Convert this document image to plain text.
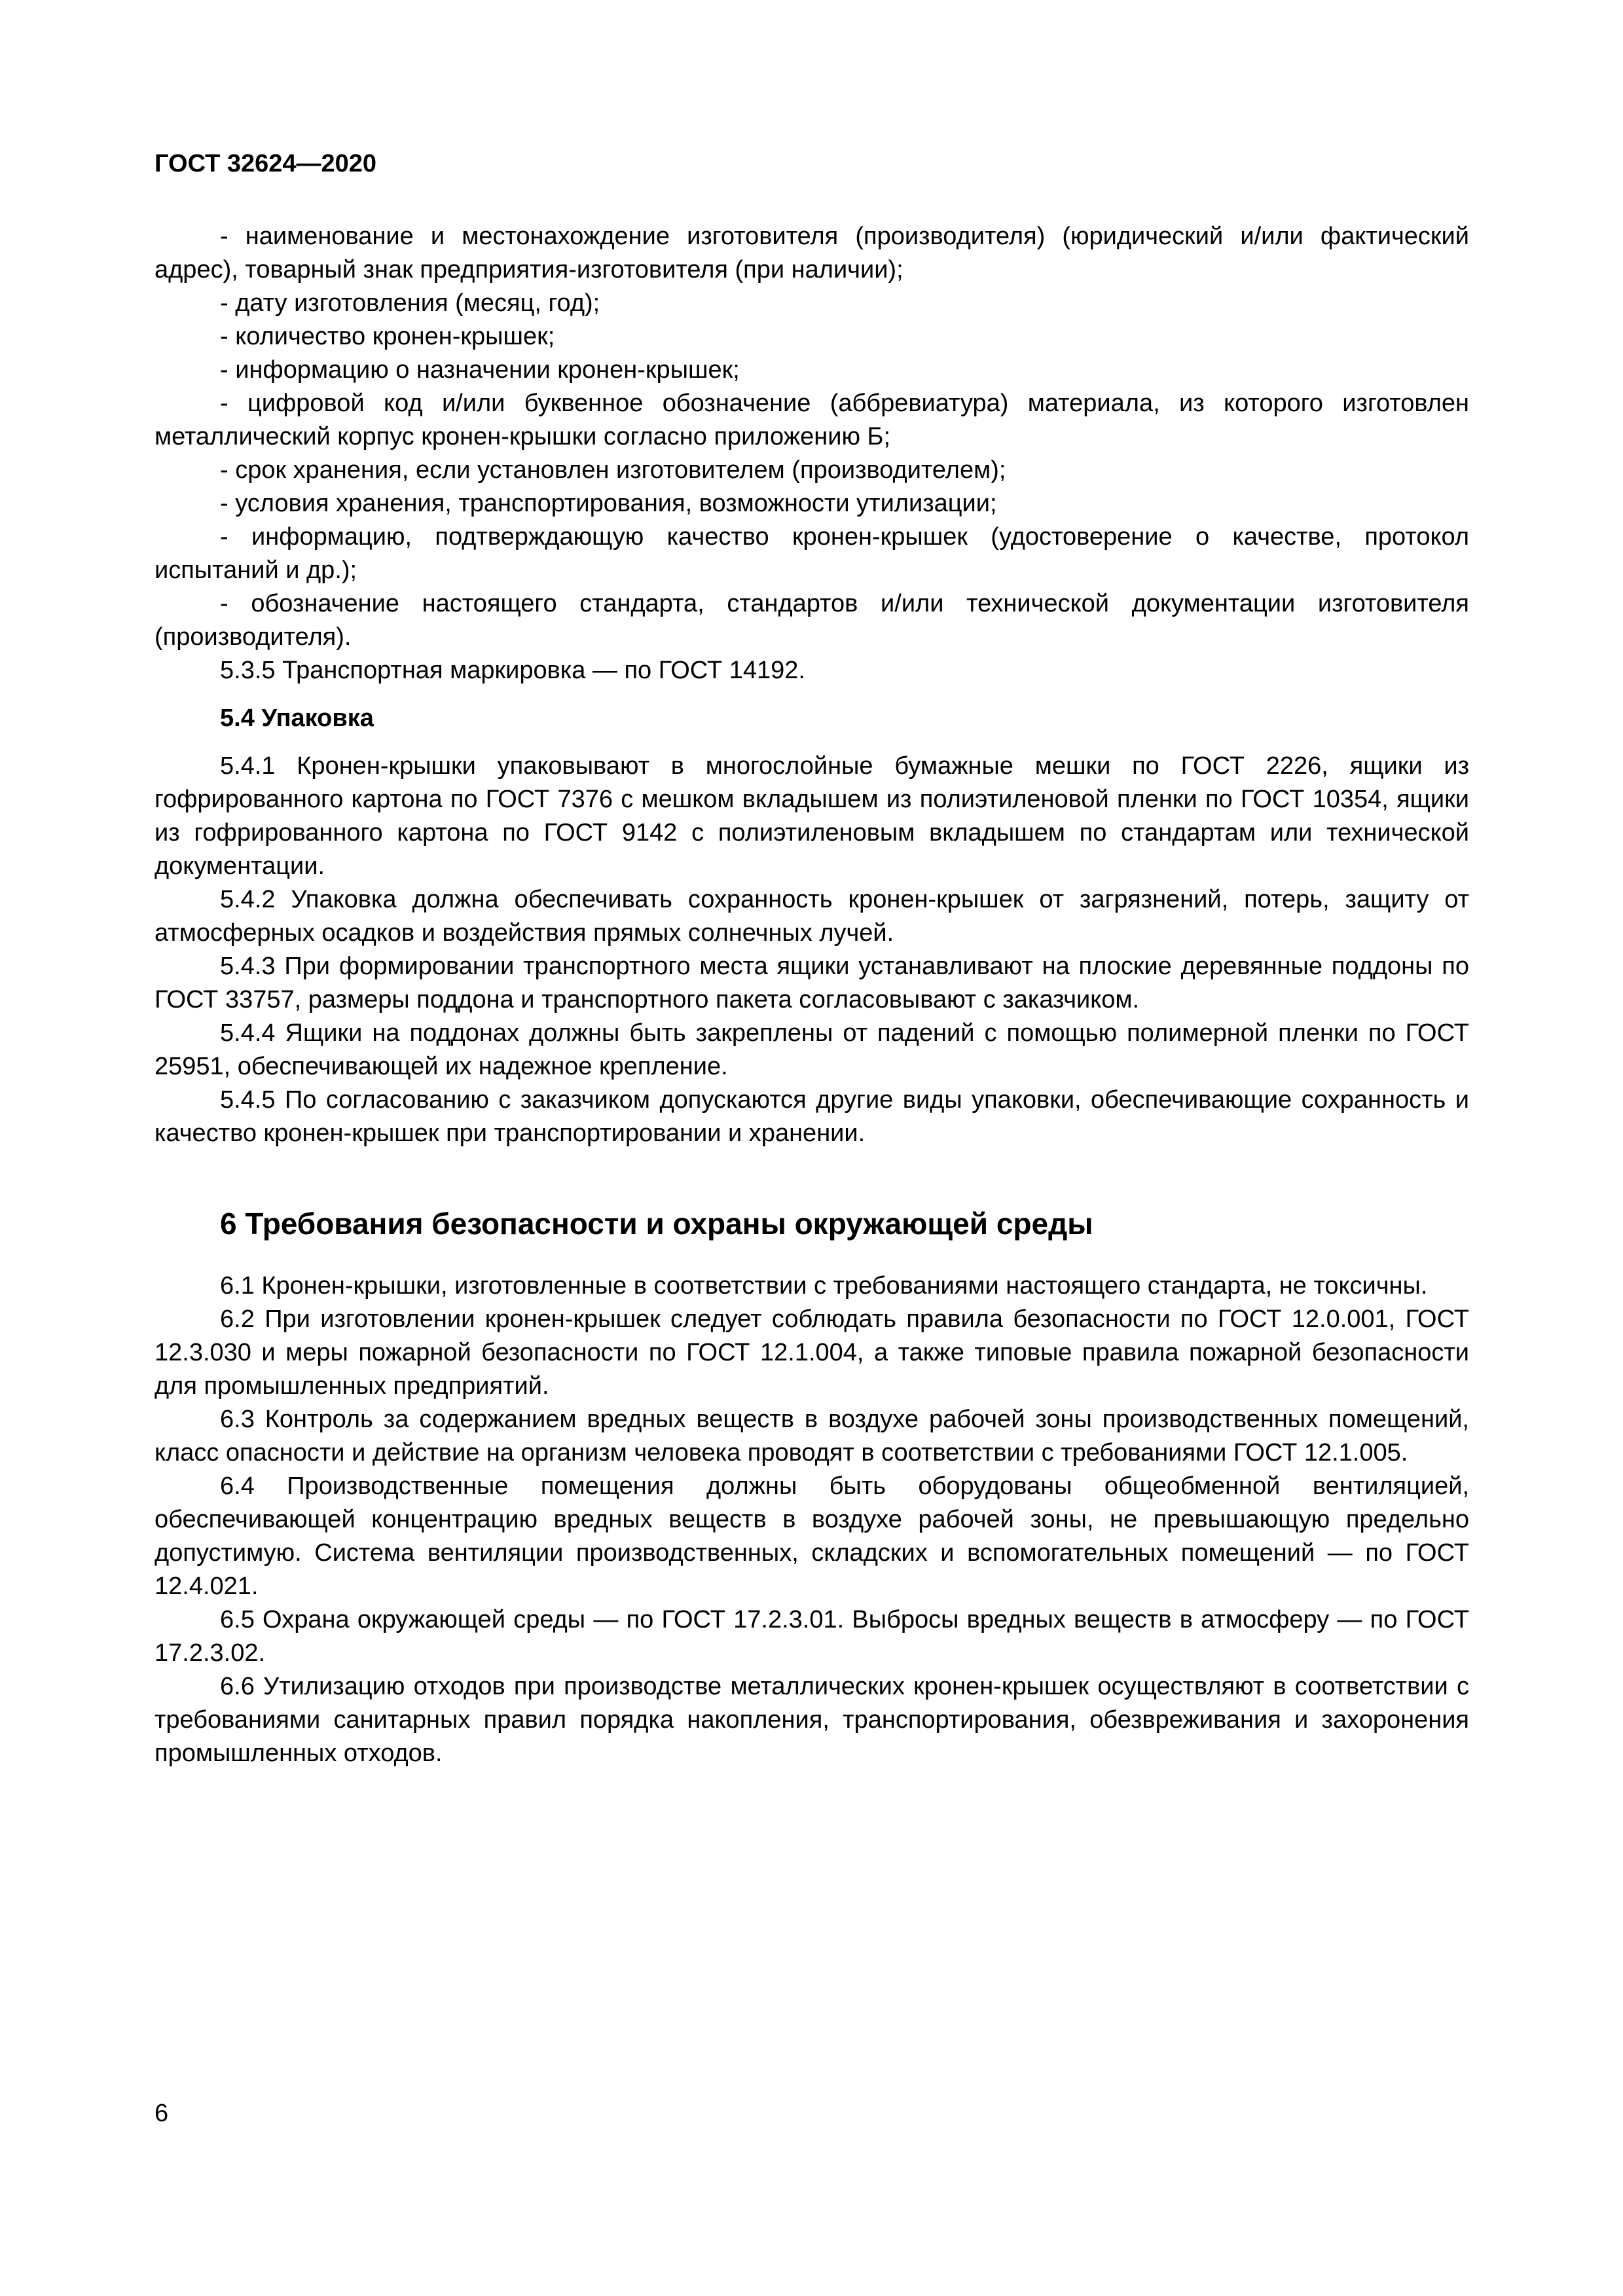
ГОСТ 32624—2020

- наименование и местонахождение изготовителя (производителя) (юридический и/или фактический адрес), товарный знак предприятия-изготовителя (при наличии);

- дату изготовления (месяц, год);

- количество кронен-крышек;

- информацию о назначении кронен-крышек;

- цифровой код и/или буквенное обозначение (аббревиатура) материала, из которого изготовлен металлический корпус кронен-крышки согласно приложению Б;

- срок хранения, если установлен изготовителем (производителем);

- условия хранения, транспортирования, возможности утилизации;

- информацию, подтверждающую качество кронен-крышек (удостоверение о качестве, протокол испытаний и др.);

- обозначение настоящего стандарта, стандартов и/или технической документации изготовителя (производителя).

5.3.5 Транспортная маркировка — по ГОСТ 14192.

5.4 Упаковка

5.4.1 Кронен-крышки упаковывают в многослойные бумажные мешки по ГОСТ 2226, ящики из гофрированного картона по ГОСТ 7376 с мешком вкладышем из полиэтиленовой пленки по ГОСТ 10354, ящики из гофрированного картона по ГОСТ 9142 с полиэтиленовым вкладышем по стандартам или технической документации.

5.4.2 Упаковка должна обеспечивать сохранность кронен-крышек от загрязнений, потерь, защиту от атмосферных осадков и воздействия прямых солнечных лучей.

5.4.3 При формировании транспортного места ящики устанавливают на плоские деревянные поддоны по ГОСТ 33757, размеры поддона и транспортного пакета согласовывают с заказчиком.

5.4.4 Ящики на поддонах должны быть закреплены от падений с помощью полимерной пленки по ГОСТ 25951, обеспечивающей их надежное крепление.

5.4.5 По согласованию с заказчиком допускаются другие виды упаковки, обеспечивающие сохранность и качество кронен-крышек при транспортировании и хранении.

6 Требования безопасности и охраны окружающей среды

6.1 Кронен-крышки, изготовленные в соответствии с требованиями настоящего стандарта, не токсичны.

6.2 При изготовлении кронен-крышек следует соблюдать правила безопасности по ГОСТ 12.0.001, ГОСТ 12.3.030 и меры пожарной безопасности по ГОСТ 12.1.004, а также типовые правила пожарной безопасности для промышленных предприятий.

6.3 Контроль за содержанием вредных веществ в воздухе рабочей зоны производственных помещений, класс опасности и действие на организм человека проводят в соответствии с требованиями ГОСТ 12.1.005.

6.4 Производственные помещения должны быть оборудованы общеобменной вентиляцией, обеспечивающей концентрацию вредных веществ в воздухе рабочей зоны, не превышающую предельно допустимую. Система вентиляции производственных, складских и вспомогательных помещений — по ГОСТ 12.4.021.

6.5 Охрана окружающей среды — по ГОСТ 17.2.3.01. Выбросы вредных веществ в атмосферу — по ГОСТ 17.2.3.02.

6.6 Утилизацию отходов при производстве металлических кронен-крышек осуществляют в соответствии с требованиями санитарных правил порядка накопления, транспортирования, обезвреживания и захоронения промышленных отходов.

6
